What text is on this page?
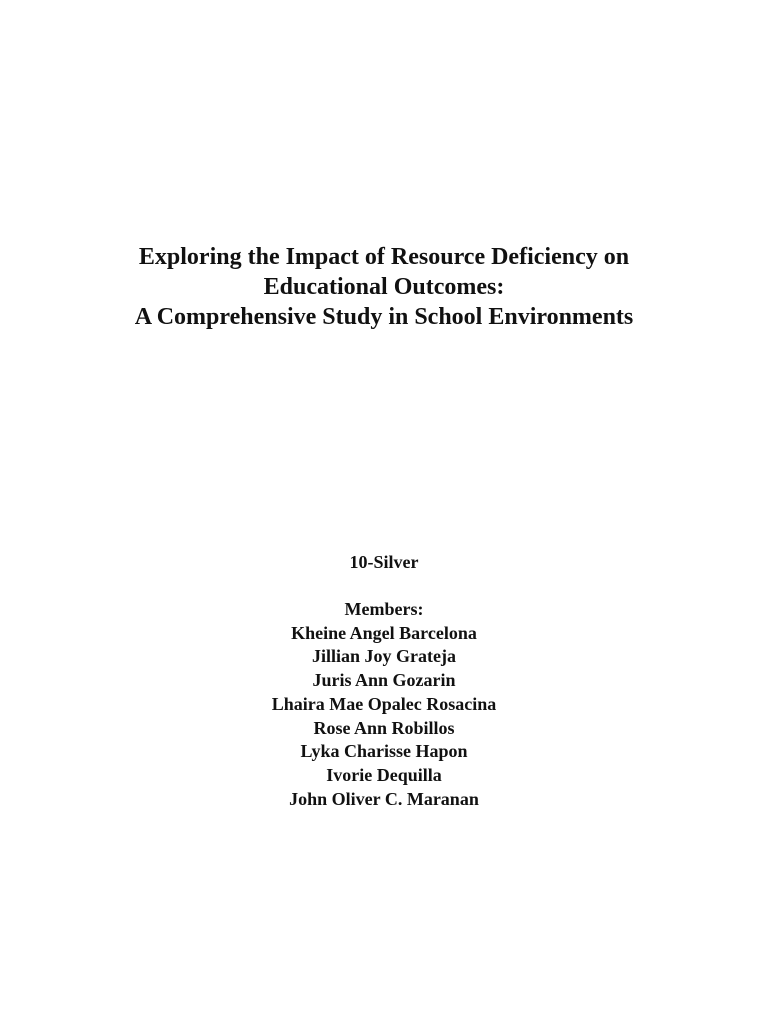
Exploring the Impact of Resource Deficiency on
Educational Outcomes:
A Comprehensive Study in School Environments
10-Silver
Members:
Kheine Angel Barcelona
Jillian Joy Grateja
Juris Ann Gozarin
Lhaira Mae Opalec Rosacina
Rose Ann Robillos
Lyka Charisse Hapon
Ivorie Dequilla
John Oliver C. Maranan
